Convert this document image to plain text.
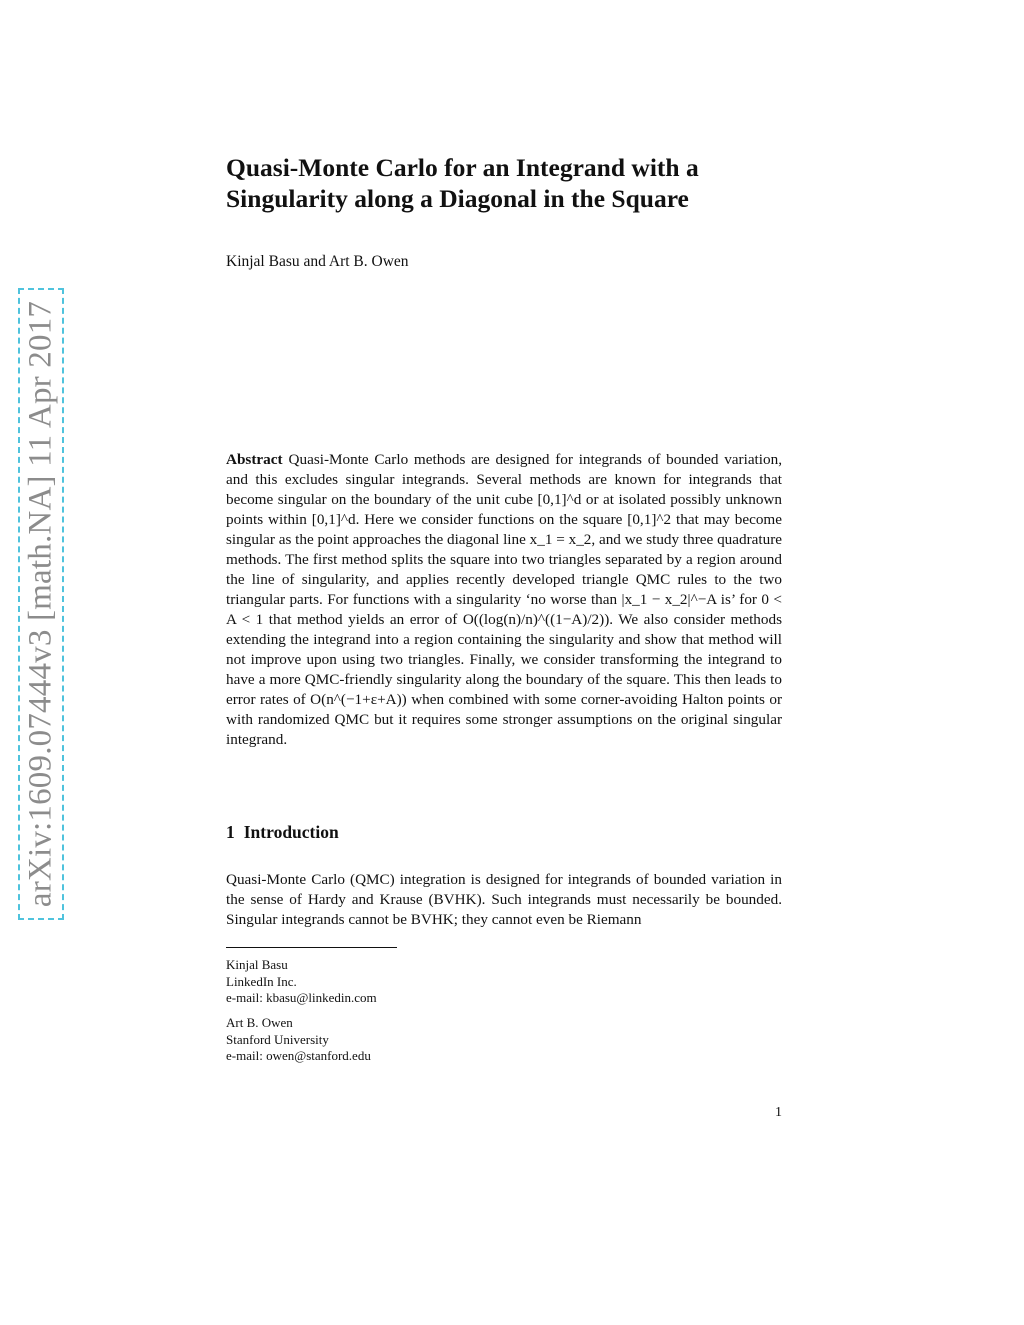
arXiv:1609.07444v3 [math.NA] 11 Apr 2017
Quasi-Monte Carlo for an Integrand with a
Singularity along a Diagonal in the Square
Kinjal Basu and Art B. Owen

Abstract Quasi-Monte Carlo methods are designed for integrands of bounded variation, and this excludes singular integrands. Several methods are known for integrands that become singular on the boundary of the unit cube [0,1]^d or at isolated possibly unknown points within [0,1]^d. Here we consider functions on the square [0,1]^2 that may become singular as the point approaches the diagonal line x_1 = x_2, and we study three quadrature methods. The first method splits the square into two triangles separated by a region around the line of singularity, and applies recently developed triangle QMC rules to the two triangular parts. For functions with a singularity ‘no worse than |x_1 − x_2|^−A is’ for 0 < A < 1 that method yields an error of O((log(n)/n)^((1−A)/2)). We also consider methods extending the integrand into a region containing the singularity and show that method will not improve upon using two triangles. Finally, we consider transforming the integrand to have a more QMC-friendly singularity along the boundary of the square. This then leads to error rates of O(n^(−1+ε+A)) when combined with some corner-avoiding Halton points or with randomized QMC but it requires some stronger assumptions on the original singular integrand.

1 Introduction

Quasi-Monte Carlo (QMC) integration is designed for integrands of bounded variation in the sense of Hardy and Krause (BVHK). Such integrands must necessarily be bounded. Singular integrands cannot be BVHK; they cannot even be Riemann

Kinjal Basu
LinkedIn Inc.
e-mail: kbasu@linkedin.com
Art B. Owen
Stanford University
e-mail: owen@stanford.edu
1
